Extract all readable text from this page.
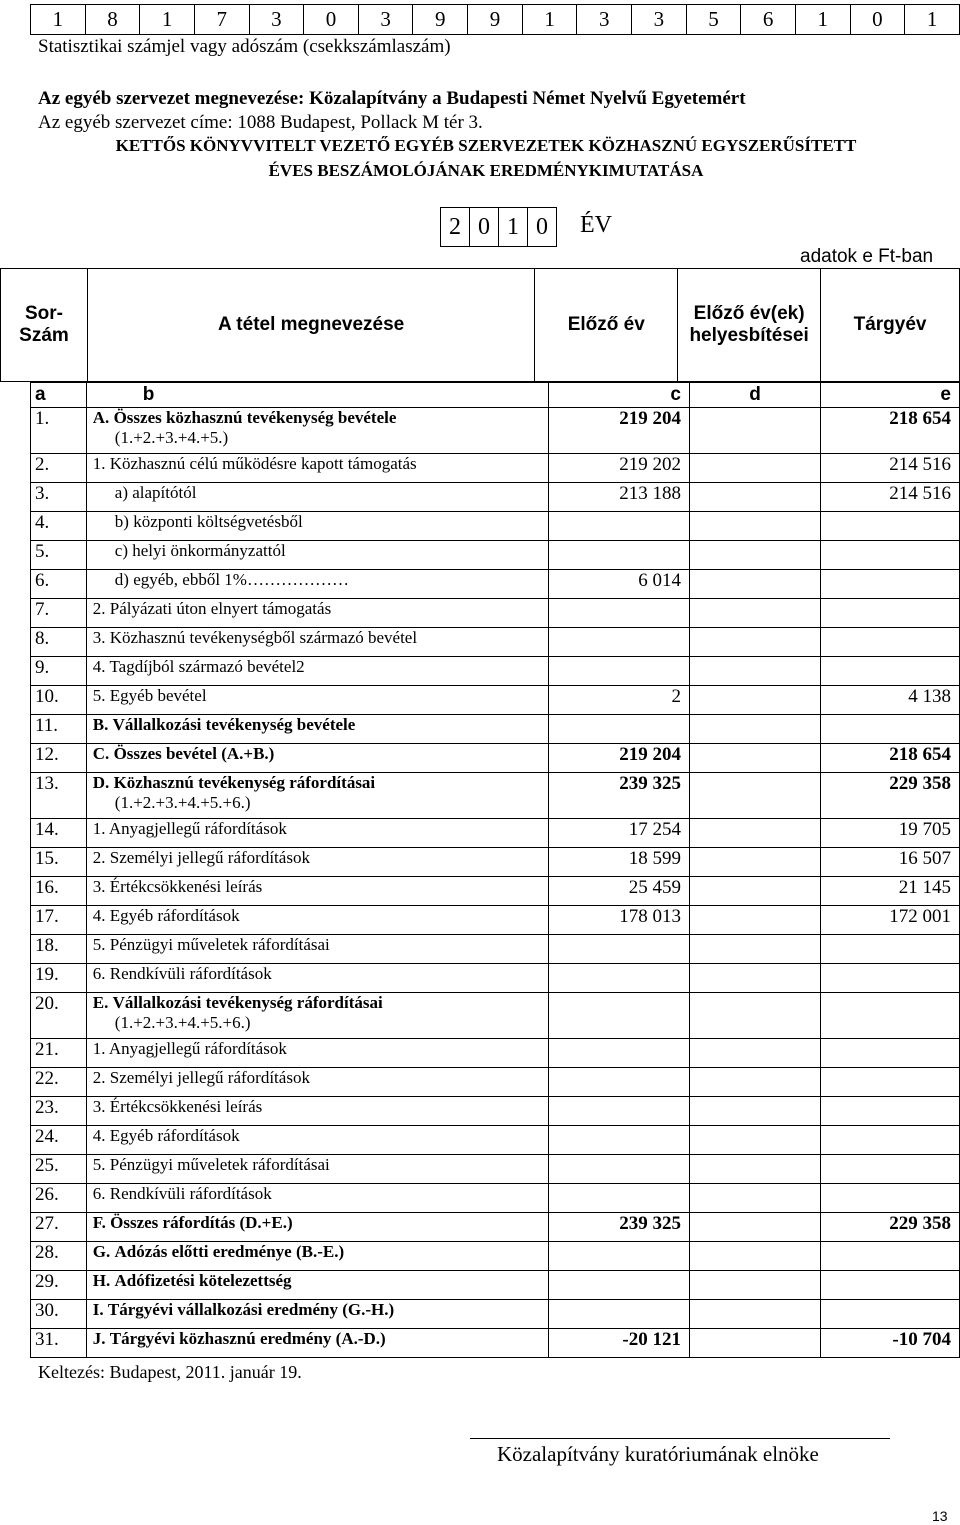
1	8	1	7	3	0	3	9	9	1	3	3	5	6	1	0	1
Statisztikai számjel vagy adószám (csekkszámlaszám)
Az egyéb szervezet megnevezése: Közalapítvány a Budapesti Német Nyelvű Egyetemért
Az egyéb szervezet címe: 1088 Budapest, Pollack M tér 3.
KETTŐS KÖNYVVITELT VEZETŐ EGYÉB SZERVEZETEK KÖZHASZNÚ EGYSZERŰSÍTETT
ÉVES BESZÁMOLÓJÁNAK EREDMÉNYKIMUTATÁSA
2	0	1	0 ÉV
adatok e Ft-ban
Sor-
Szám	A tétel megnevezése	Előző év	Előző év(ek)
helyesbítései	Tárgyév
a	b	c	d	e
1.	A. Összes közhasznú tevékenység bevétele
(1.+2.+3.+4.+5.)	219 204		218 654
2.	1. Közhasznú célú működésre kapott támogatás	219 202		214 516
3.	a) alapítótól	213 188		214 516
4.	b) központi költségvetésből			

5.	c) helyi önkormányzattól			

6.	d) egyéb, ebből 1%………………	6 014		
7.	2. Pályázati úton elnyert támogatás			

8.	3. Közhasznú tevékenységből származó bevétel			

9.	4. Tagdíjból származó bevétel2			

10.	5. Egyéb bevétel	2		4 138
11.	B. Vállalkozási tevékenység bevétele			

12.	C. Összes bevétel (A.+B.)	219 204		218 654
13.	D. Közhasznú tevékenység ráfordításai
(1.+2.+3.+4.+5.+6.)	239 325		229 358
14.	1. Anyagjellegű ráfordítások	17 254		19 705
15.	2. Személyi jellegű ráfordítások	18 599		16 507
16.	3. Értékcsökkenési leírás	25 459		21 145
17.	4. Egyéb ráfordítások	178 013		172 001
18.	5. Pénzügyi műveletek ráfordításai			

19.	6. Rendkívüli ráfordítások			

20.	E. Vállalkozási tevékenység ráfordításai
(1.+2.+3.+4.+5.+6.)			

21.	1. Anyagjellegű ráfordítások			

22.	2. Személyi jellegű ráfordítások			

23.	3. Értékcsökkenési leírás			

24.	4. Egyéb ráfordítások			

25.	5. Pénzügyi műveletek ráfordításai			

26.	6. Rendkívüli ráfordítások			

27.	F. Összes ráfordítás (D.+E.)	239 325		229 358
28.	G. Adózás előtti eredménye (B.-E.)			

29.	H. Adófizetési kötelezettség			

30.	I. Tárgyévi vállalkozási eredmény (G.-H.)			

31.	J. Tárgyévi közhasznú eredmény (A.-D.)	-20 121		-10 704
Keltezés: Budapest, 2011. január 19.
Közalapítvány kuratóriumának elnöke
13
